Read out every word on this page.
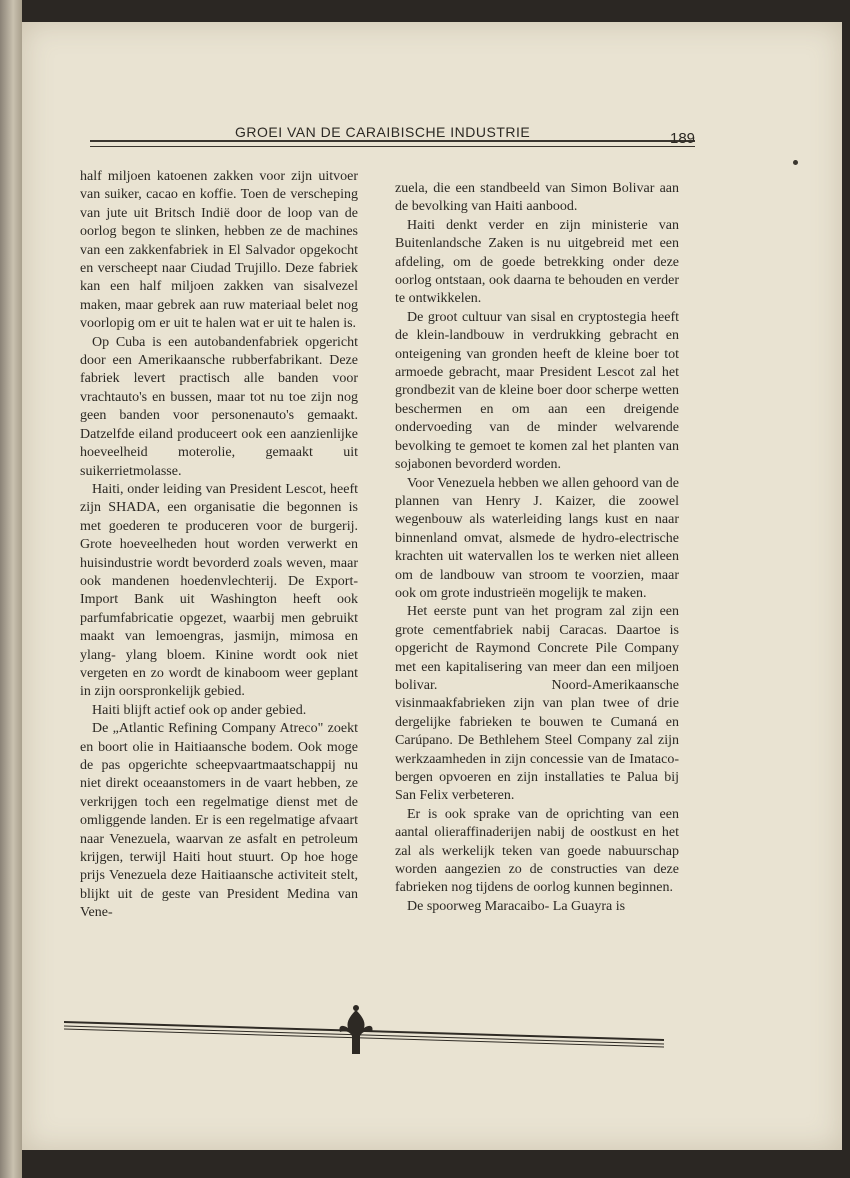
GROEI VAN DE CARAIBISCHE INDUSTRIE	189

half miljoen katoenen zakken voor zijn uitvoer van suiker, cacao en koffie. Toen de verscheping van jute uit Britsch Indië door de loop van de oorlog begon te slinken, hebben ze de machines van een zakkenfabriek in El Salvador opgekocht en verscheept naar Ciudad Trujillo. Deze fabriek kan een half miljoen zakken van sisalvezel maken, maar gebrek aan ruw materiaal belet nog voorlopig om er uit te halen wat er uit te halen is.

Op Cuba is een autobandenfabriek opgericht door een Amerikaansche rubberfabrikant. Deze fabriek levert practisch alle banden voor vrachtauto's en bussen, maar tot nu toe zijn nog geen banden voor personenauto's gemaakt. Datzelfde eiland produceert ook een aanzienlijke hoeveelheid moterolie, gemaakt uit suikerrietmolasse.

Haiti, onder leiding van President Lescot, heeft zijn SHADA, een organisatie die begonnen is met goederen te produceren voor de burgerij. Grote hoeveelheden hout worden verwerkt en huisindustrie wordt bevorderd zoals weven, maar ook mandenen hoedenvlechterij. De Export-Import Bank uit Washington heeft ook parfumfabricatie opgezet, waarbij men gebruikt maakt van lemoengras, jasmijn, mimosa en ylang- ylang bloem. Kinine wordt ook niet vergeten en zo wordt de kinaboom weer geplant in zijn oorspronkelijk gebied.

Haiti blijft actief ook op ander gebied.

De „Atlantic Refining Company Atreco" zoekt en boort olie in Haitiaansche bodem. Ook moge de pas opgerichte scheepvaartmaatschappij nu niet direkt oceaanstomers in de vaart hebben, ze verkrijgen toch een regelmatige dienst met de omliggende landen. Er is een regelmatige afvaart naar Venezuela, waarvan ze asfalt en petroleum krijgen, terwijl Haiti hout stuurt. Op hoe hoge prijs Venezuela deze Haitiaansche activiteit stelt, blijkt uit de geste van President Medina van Vene-

zuela, die een standbeeld van Simon Bolivar aan de bevolking van Haiti aanbood.

Haiti denkt verder en zijn ministerie van Buitenlandsche Zaken is nu uitgebreid met een afdeling, om de goede betrekking onder deze oorlog ontstaan, ook daarna te behouden en verder te ontwikkelen.

De groot cultuur van sisal en cryptostegia heeft de klein-landbouw in verdrukking gebracht en onteigening van gronden heeft de kleine boer tot armoede gebracht, maar President Lescot zal het grondbezit van de kleine boer door scherpe wetten beschermen en om aan een dreigende ondervoeding van de minder welvarende bevolking te gemoet te komen zal het planten van sojabonen bevorderd worden.

Voor Venezuela hebben we allen gehoord van de plannen van Henry J. Kaizer, die zoowel wegenbouw als waterleiding langs kust en naar binnenland omvat, alsmede de hydro-electrische krachten uit watervallen los te werken niet alleen om de landbouw van stroom te voorzien, maar ook om grote industrieën mogelijk te maken.

Het eerste punt van het program zal zijn een grote cementfabriek nabij Caracas. Daartoe is opgericht de Raymond Concrete Pile Company met een kapitalisering van meer dan een miljoen bolivar. Noord-Amerikaansche visinmaakfabrieken zijn van plan twee of drie dergelijke fabrieken te bouwen te Cumaná en Carúpano. De Bethlehem Steel Company zal zijn werkzaamheden in zijn concessie van de Imataco-bergen opvoeren en zijn installaties te Palua bij San Felix verbeteren.

Er is ook sprake van de oprichting van een aantal olieraffinaderijen nabij de oostkust en het zal als werkelijk teken van goede nabuurschap worden aangezien zo de constructies van deze fabrieken nog tijdens de oorlog kunnen beginnen.

De spoorweg Maracaibo- La Guayra is
